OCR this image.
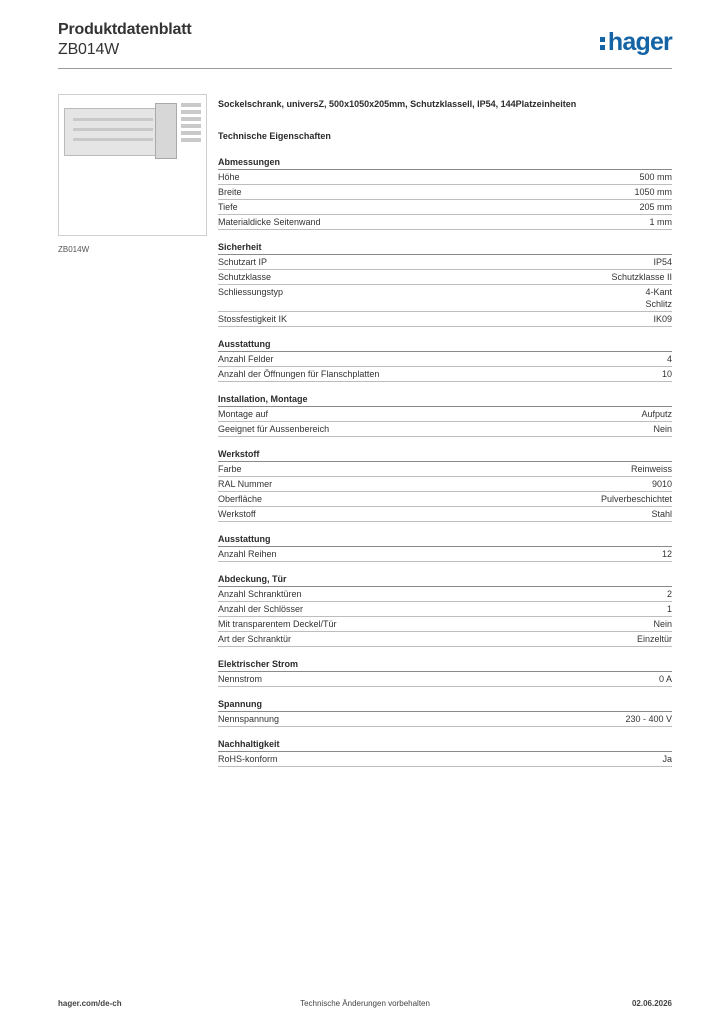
Produktdatenblatt
ZB014W	hager
ZB014W
Sockelschrank, universZ, 500x1050x205mm, Schutzklassell, IP54, 144Platzeinheiten
Technische Eigenschaften
Abmessungen
Höhe	500 mm
Breite	1050 mm
Tiefe	205 mm
Materialdicke Seitenwand	1 mm
Sicherheit
Schutzart IP	IP54
Schutzklasse	Schutzklasse II
Schliessungstyp	4-Kant
Schlitz
Stossfestigkeit IK	IK09
Ausstattung
Anzahl Felder	4
Anzahl der Öffnungen für Flanschplatten	10
Installation, Montage
Montage auf	Aufputz
Geeignet für Aussenbereich	Nein
Werkstoff
Farbe	Reinweiss
RAL Nummer	9010
Oberfläche	Pulverbeschichtet
Werkstoff	Stahl
Ausstattung
Anzahl Reihen	12
Abdeckung, Tür
Anzahl Schranktüren	2
Anzahl der Schlösser	1
Mit transparentem Deckel/Tür	Nein
Art der Schranktür	Einzeltür
Elektrischer Strom
Nennstrom	0 A
Spannung
Nennspannung	230 - 400 V
Nachhaltigkeit
RoHS-konform	Ja
hager.com/de-ch	Technische Änderungen vorbehalten	02.06.2026
